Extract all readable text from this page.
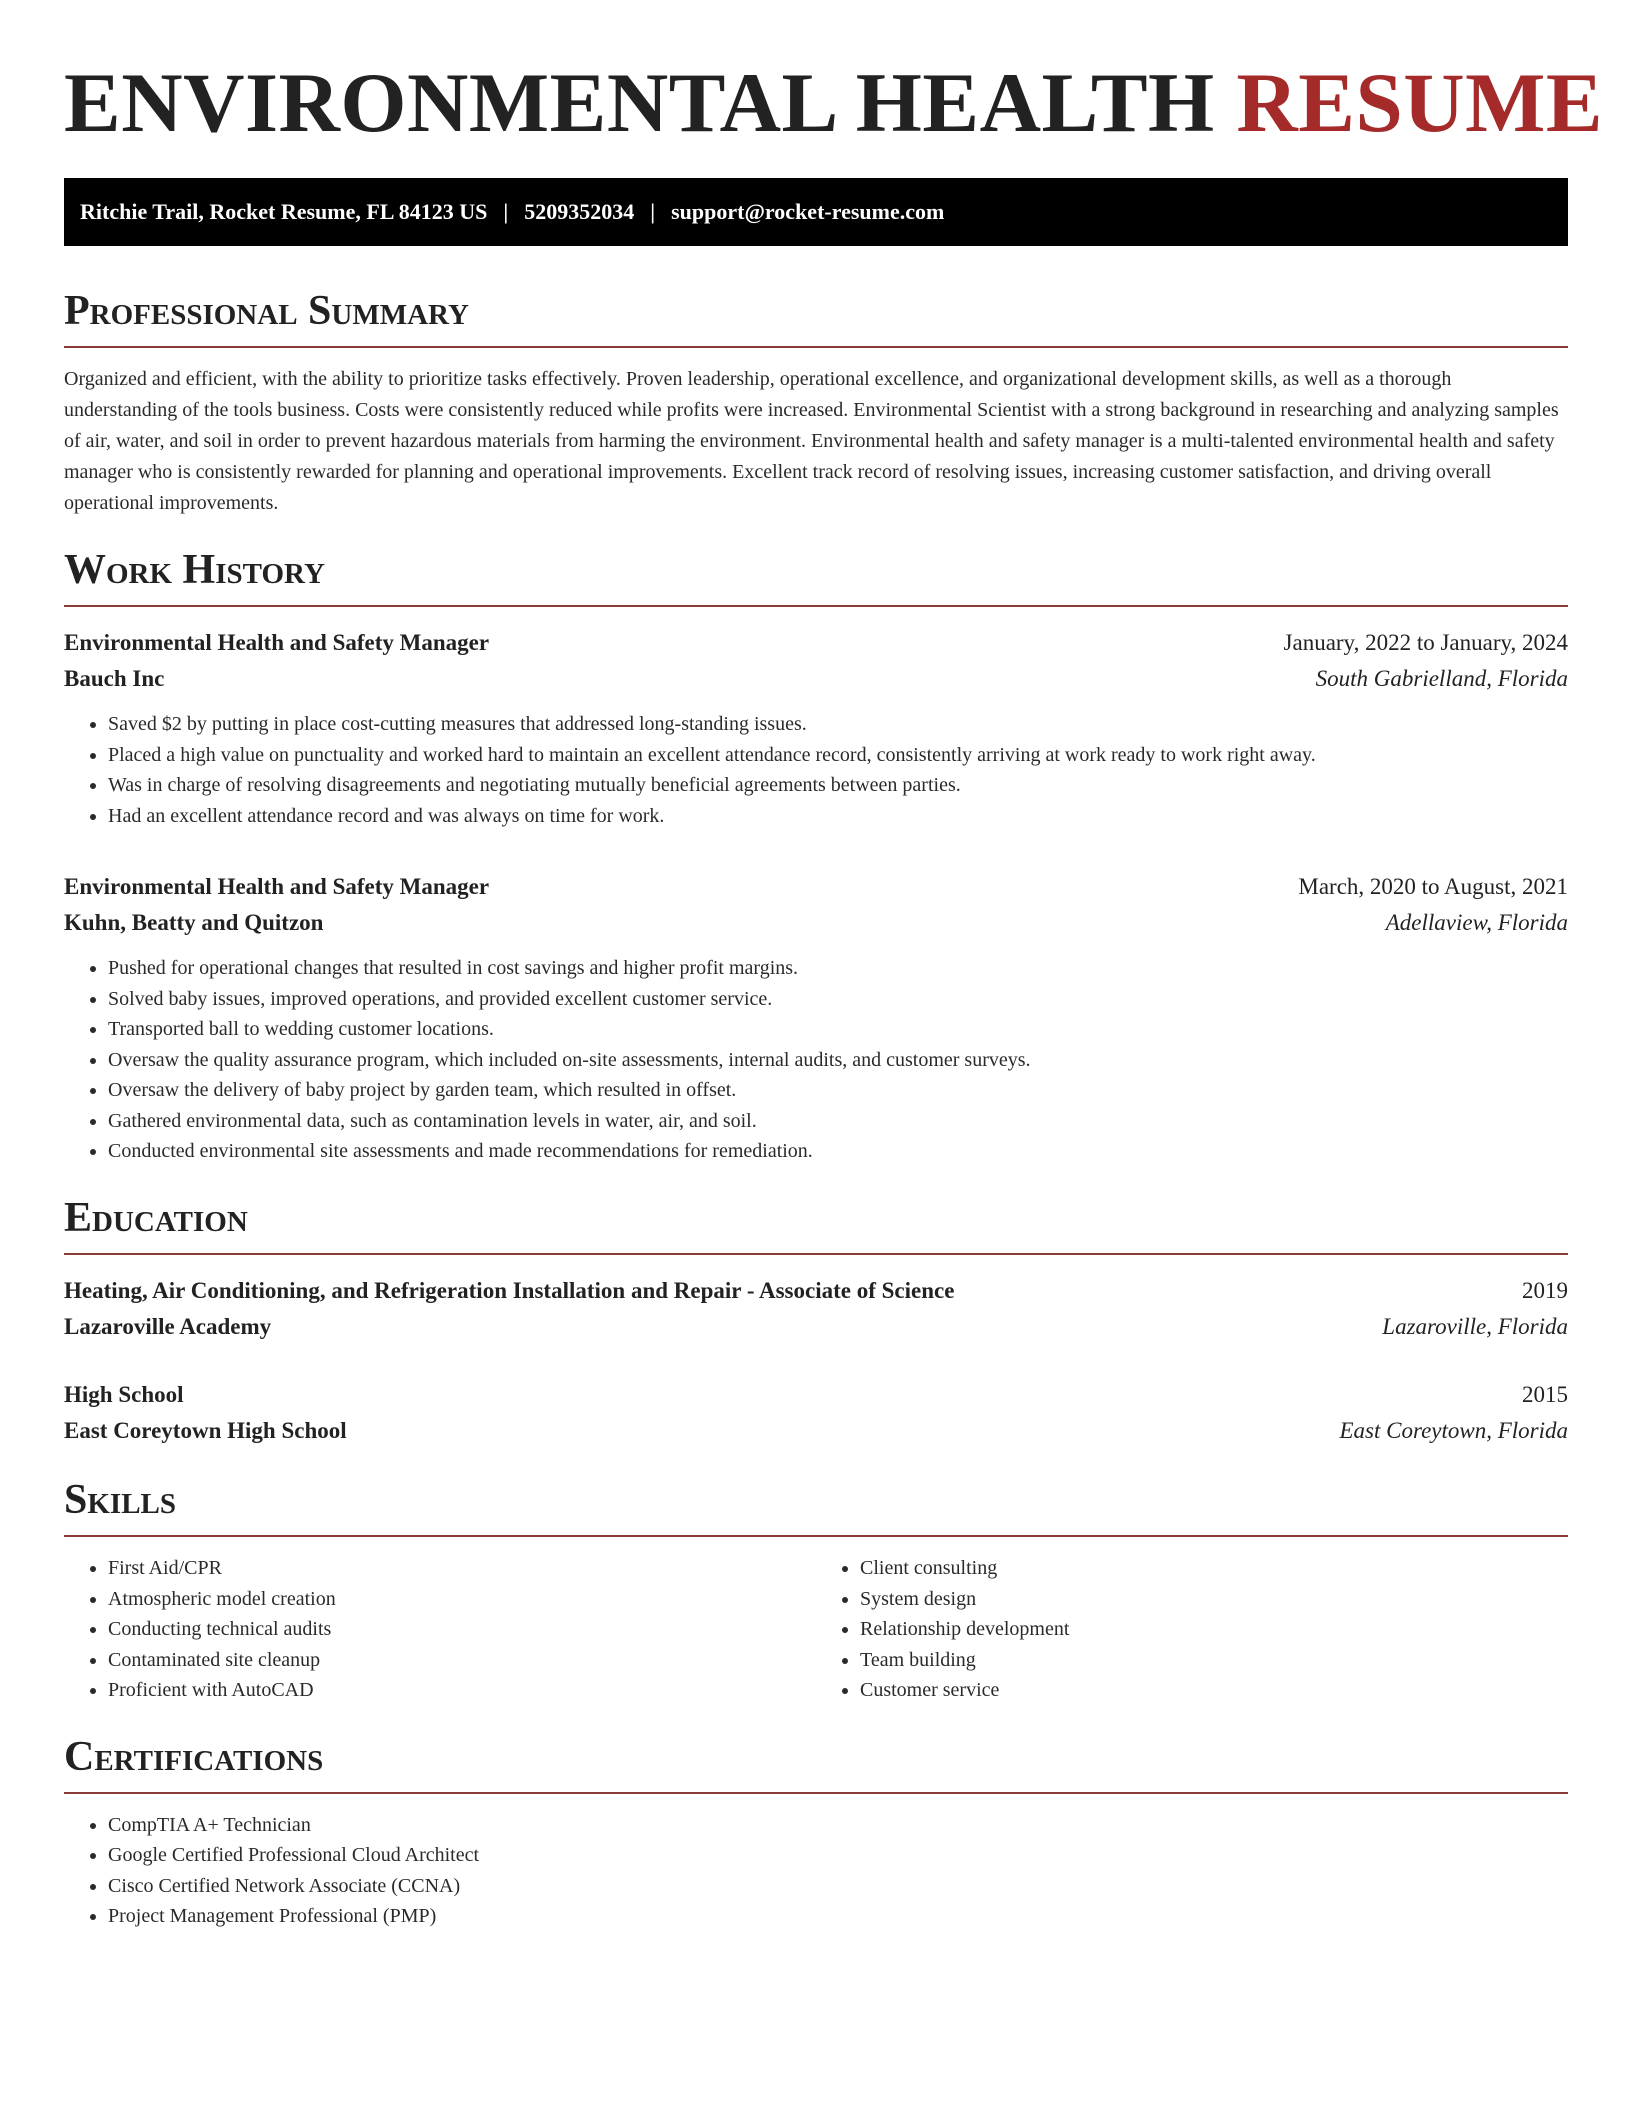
ENVIRONMENTAL HEALTH RESUME
Ritchie Trail, Rocket Resume, FL 84123 US | 5209352034 | support@rocket-resume.com
Professional Summary

Organized and efficient, with the ability to prioritize tasks effectively. Proven leadership, operational excellence, and organizational development skills, as well as a thorough understanding of the tools business. Costs were consistently reduced while profits were increased. Environmental Scientist with a strong background in researching and analyzing samples of air, water, and soil in order to prevent hazardous materials from harming the environment. Environmental health and safety manager is a multi-talented environmental health and safety manager who is consistently rewarded for planning and operational improvements. Excellent track record of resolving issues, increasing customer satisfaction, and driving overall operational improvements.

Work History
Environmental Health and Safety Manager	January, 2022 to January, 2024
Bauch Inc	South Gabrielland, Florida
• Saved $2 by putting in place cost-cutting measures that addressed long-standing issues.
• Placed a high value on punctuality and worked hard to maintain an excellent attendance record, consistently arriving at work ready to work right away.
• Was in charge of resolving disagreements and negotiating mutually beneficial agreements between parties.
• Had an excellent attendance record and was always on time for work.
Environmental Health and Safety Manager	March, 2020 to August, 2021
Kuhn, Beatty and Quitzon	Adellaview, Florida
• Pushed for operational changes that resulted in cost savings and higher profit margins.
• Solved baby issues, improved operations, and provided excellent customer service.
• Transported ball to wedding customer locations.
• Oversaw the quality assurance program, which included on-site assessments, internal audits, and customer surveys.
• Oversaw the delivery of baby project by garden team, which resulted in offset.
• Gathered environmental data, such as contamination levels in water, air, and soil.
• Conducted environmental site assessments and made recommendations for remediation.
Education
Heating, Air Conditioning, and Refrigeration Installation and Repair - Associate of Science	2019
Lazaroville Academy	Lazaroville, Florida
High School	2015
East Coreytown High School	East Coreytown, Florida
Skills
• First Aid/CPR
• Atmospheric model creation
• Conducting technical audits
• Contaminated site cleanup
• Proficient with AutoCAD
• Client consulting
• System design
• Relationship development
• Team building
• Customer service
Certifications
• CompTIA A+ Technician
• Google Certified Professional Cloud Architect
• Cisco Certified Network Associate (CCNA)
• Project Management Professional (PMP)
